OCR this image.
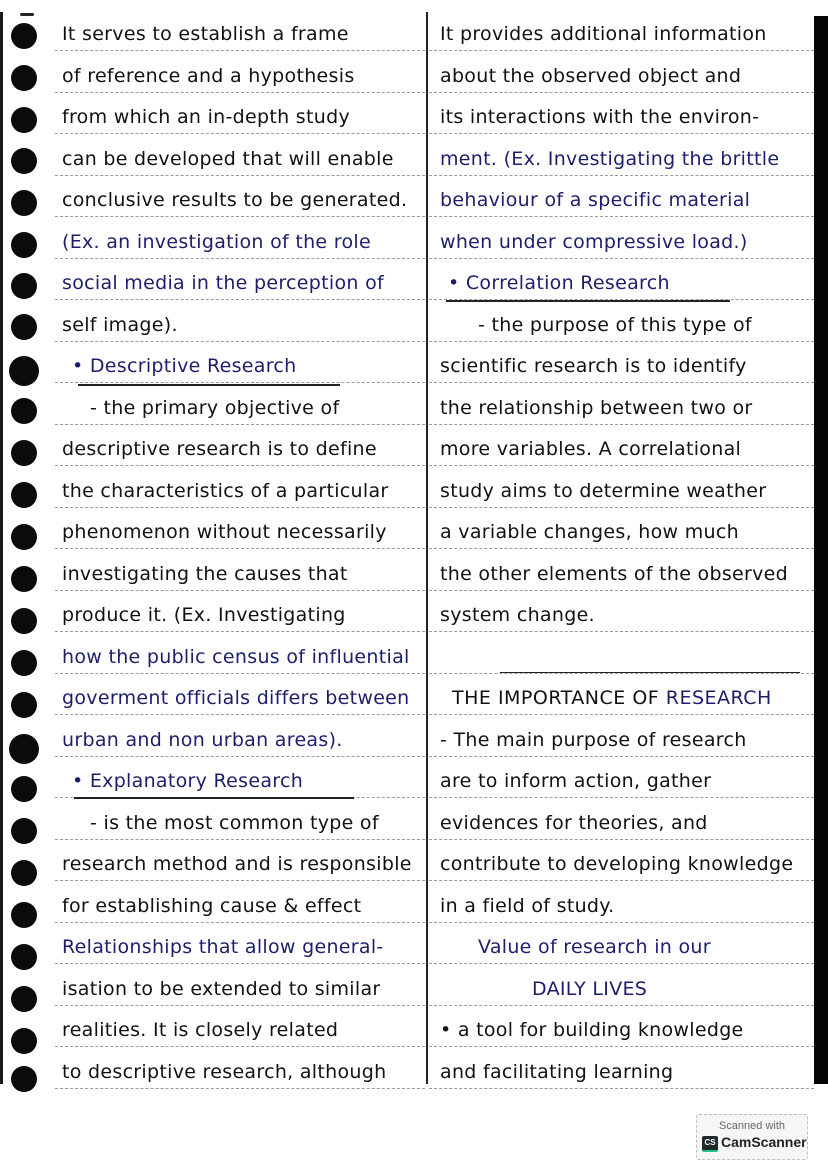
It serves to establish a frame
of reference and a hypothesis
from which an in-depth study
can be developed that will enable
conclusive results to be generated.
(Ex. an investigation of the role
social media in the perception of
self image).
• Descriptive Research
- the primary objective of
descriptive research is to define
the characteristics of a particular
phenomenon without necessarily
investigating the causes that
produce it. (Ex. Investigating
how the public census of influential
goverment officials differs between
urban and non urban areas).
• Explanatory Research
- is the most common type of
research method and is responsible
for establishing cause & effect
Relationships that allow general-
isation to be extended to similar
realities. It is closely related
to descriptive research, although
It provides additional information
about the observed object and
its interactions with the environ-
ment. (Ex. Investigating the brittle
behaviour of a specific material
when under compressive load.)
• Correlation Research
- the purpose of this type of
scientific research is to identify
the relationship between two or
more variables. A correlational
study aims to determine weather
a variable changes, how much
the other elements of the observed
system change.
THE IMPORTANCE OF RESEARCH
- The main purpose of research
are to inform action, gather
evidences for theories, and
contribute to developing knowledge
in a field of study.
Value of research in our
DAILY LIVES
• a tool for building knowledge
and facilitating learning
Scanned with
CS CamScanner
